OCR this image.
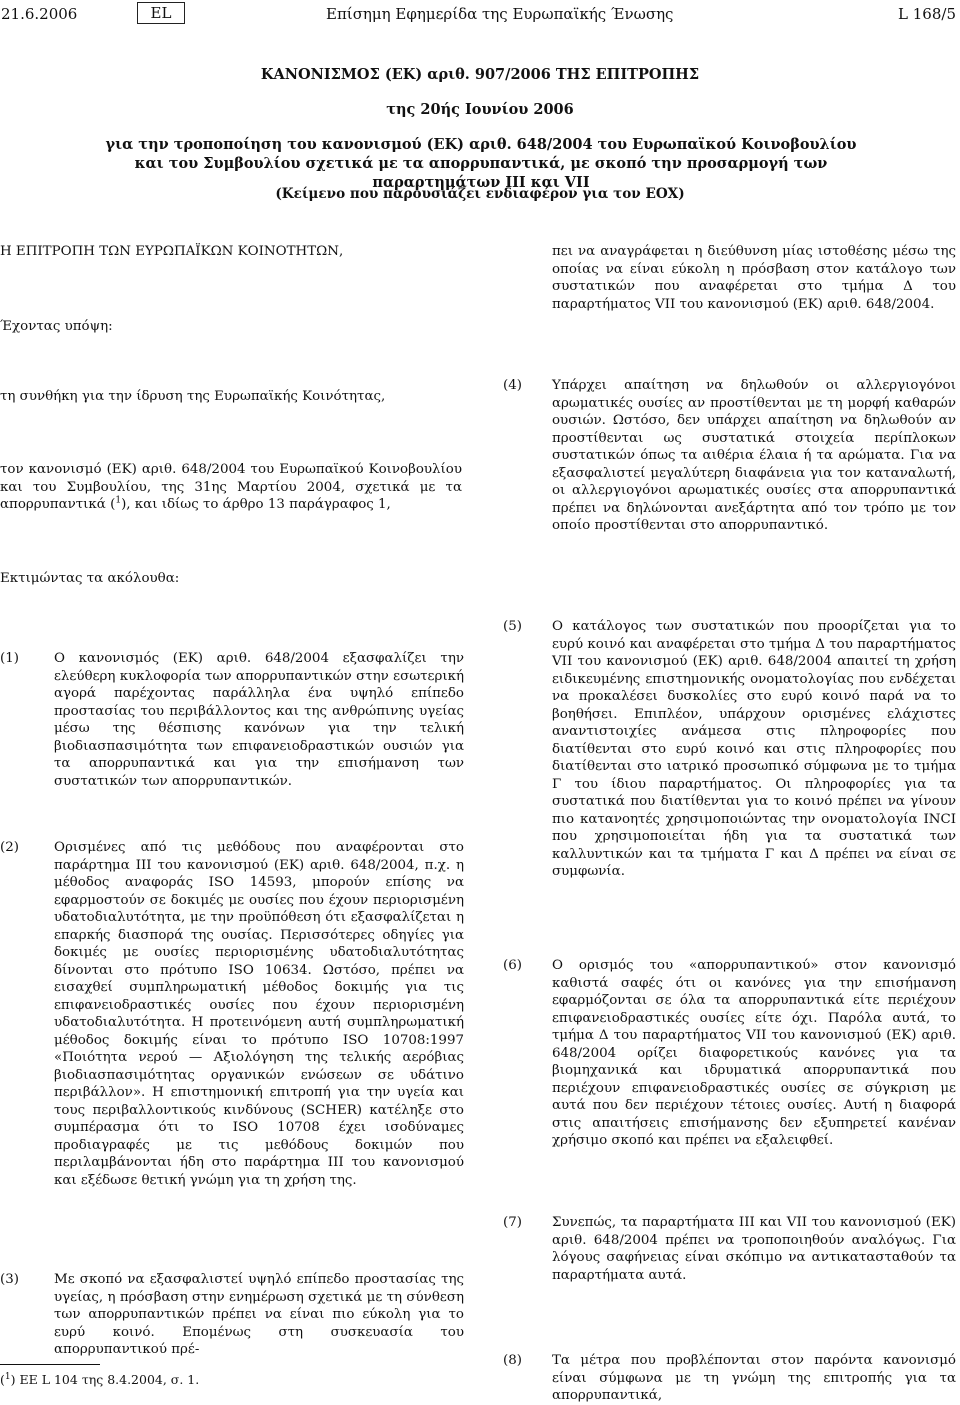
21.6.2006	EL	Επίσημη Εφημερίδα της Ευρωπαϊκής Ένωσης	L 168/5
ΚΑΝΟΝΙΣΜΟΣ (ΕΚ) αριθ. 907/2006 ΤΗΣ ΕΠΙΤΡΟΠΗΣ
της 20ής Ιουνίου 2006
για την τροποποίηση του κανονισμού (ΕΚ) αριθ. 648/2004 του Ευρωπαϊκού Κοινοβουλίου και του Συμβουλίου σχετικά με τα απορρυπαντικά, με σκοπό την προσαρμογή των παραρτημάτων III και VII
(Κείμενο που παρουσιάζει ενδιαφέρον για τον ΕΟΧ)
Η ΕΠΙΤΡΟΠΗ ΤΩΝ ΕΥΡΩΠΑΪΚΩΝ ΚΟΙΝΟΤΗΤΩΝ,
Έχοντας υπόψη:
τη συνθήκη για την ίδρυση της Ευρωπαϊκής Κοινότητας,
τον κανονισμό (ΕΚ) αριθ. 648/2004 του Ευρωπαϊκού Κοινοβουλίου και του Συμβουλίου, της 31ης Μαρτίου 2004, σχετικά με τα απορρυπαντικά ($^1$), και ιδίως το άρθρο 13 παράγραφος 1,
Εκτιμώντας τα ακόλουθα:
(1)	Ο κανονισμός (ΕΚ) αριθ. 648/2004 εξασφαλίζει την ελεύθερη κυκλοφορία των απορρυπαντικών στην εσωτερική αγορά παρέχοντας παράλληλα ένα υψηλό επίπεδο προστασίας του περιβάλλοντος και της ανθρώπινης υγείας μέσω της θέσπισης κανόνων για την τελική βιοδιασπασιμότητα των επιφανειοδραστικών ουσιών για τα απορρυπαντικά και για την επισήμανση των συστατικών των απορρυπαντικών.
(2)	Ορισμένες από τις μεθόδους που αναφέρονται στο παράρτημα III του κανονισμού (ΕΚ) αριθ. 648/2004, π.χ. η μέθοδος αναφοράς ISO 14593, μπορούν επίσης να εφαρμοστούν σε δοκιμές με ουσίες που έχουν περιορισμένη υδατοδιαλυτότητα, με την προϋπόθεση ότι εξασφαλίζεται η επαρκής διασπορά της ουσίας. Περισσότερες οδηγίες για δοκιμές με ουσίες περιορισμένης υδατοδιαλυτότητας δίνονται στο πρότυπο ISO 10634. Ωστόσο, πρέπει να εισαχθεί συμπληρωματική μέθοδος δοκιμής για τις επιφανειοδραστικές ουσίες που έχουν περιορισμένη υδατοδιαλυτότητα. Η προτεινόμενη αυτή συμπληρωματική μέθοδος δοκιμής είναι το πρότυπο ISO 10708:1997 «Ποιότητα νερού — Αξιολόγηση της τελικής αερόβιας βιοδιασπασιμότητας οργανικών ενώσεων σε υδάτινο περιβάλλον». Η επιστημονική επιτροπή για την υγεία και τους περιβαλλοντικούς κινδύνους (SCHER) κατέληξε στο συμπέρασμα ότι το ISO 10708 έχει ισοδύναμες προδιαγραφές με τις μεθόδους δοκιμών που περιλαμβάνονται ήδη στο παράρτημα III του κανονισμού και εξέδωσε θετική γνώμη για τη χρήση της.
(3)	Με σκοπό να εξασφαλιστεί υψηλό επίπεδο προστασίας της υγείας, η πρόσβαση στην ενημέρωση σχετικά με τη σύνθεση των απορρυπαντικών πρέπει να είναι πιο εύκολη για το ευρύ κοινό. Επομένως στη συσκευασία του απορρυπαντικού πρέ-
($^1$) ΕΕ L 104 της 8.4.2004, σ. 1.
πει να αναγράφεται η διεύθυνση μίας ιστοθέσης μέσω της οποίας να είναι εύκολη η πρόσβαση στον κατάλογο των συστατικών που αναφέρεται στο τμήμα Δ του παραρτήματος VII του κανονισμού (ΕΚ) αριθ. 648/2004.
(4) Υπάρχει απαίτηση να δηλωθούν οι αλλεργιογόνοι αρωματικές ουσίες αν προστίθενται με τη μορφή καθαρών ουσιών. Ωστόσο, δεν υπάρχει απαίτηση να δηλωθούν αν προστίθενται ως συστατικά στοιχεία περίπλοκων συστατικών όπως τα αιθέρια έλαια ή τα αρώματα. Για να εξασφαλιστεί μεγαλύτερη διαφάνεια για τον καταναλωτή, οι αλλεργιογόνοι αρωματικές ουσίες στα απορρυπαντικά πρέπει να δηλώνονται ανεξάρτητα από τον τρόπο με τον οποίο προστίθενται στο απορρυπαντικό.
(5) Ο κατάλογος των συστατικών που προορίζεται για το ευρύ κοινό και αναφέρεται στο τμήμα Δ του παραρτήματος VII του κανονισμού (ΕΚ) αριθ. 648/2004 απαιτεί τη χρήση ειδικευμένης επιστημονικής ονοματολογίας που ενδέχεται να προκαλέσει δυσκολίες στο ευρύ κοινό παρά να το βοηθήσει. Επιπλέον, υπάρχουν ορισμένες ελάχιστες αναντιστοιχίες ανάμεσα στις πληροφορίες που διατίθενται στο ευρύ κοινό και στις πληροφορίες που διατίθενται στο ιατρικό προσωπικό σύμφωνα με το τμήμα Γ του ίδιου παραρτήματος. Οι πληροφορίες για τα συστατικά που διατίθενται για το κοινό πρέπει να γίνουν πιο κατανοητές χρησιμοποιώντας την ονοματολογία INCI που χρησιμοποιείται ήδη για τα συστατικά των καλλυντικών και τα τμήματα Γ και Δ πρέπει να είναι σε συμφωνία.
(6) Ο ορισμός του «απορρυπαντικού» στον κανονισμό καθιστά σαφές ότι οι κανόνες για την επισήμανση εφαρμόζονται σε όλα τα απορρυπαντικά είτε περιέχουν επιφανειοδραστικές ουσίες είτε όχι. Παρόλα αυτά, το τμήμα Δ του παραρτήματος VII του κανονισμού (ΕΚ) αριθ. 648/2004 ορίζει διαφορετικούς κανόνες για τα βιομηχανικά και ιδρυματικά απορρυπαντικά που περιέχουν επιφανειοδραστικές ουσίες σε σύγκριση με αυτά που δεν περιέχουν τέτοιες ουσίες. Αυτή η διαφορά στις απαιτήσεις επισήμανσης δεν εξυπηρετεί κανέναν χρήσιμο σκοπό και πρέπει να εξαλειφθεί.
(7) Συνεπώς, τα παραρτήματα III και VII του κανονισμού (ΕΚ) αριθ. 648/2004 πρέπει να τροποποιηθούν αναλόγως. Για λόγους σαφήνειας είναι σκόπιμο να αντικατασταθούν τα παραρτήματα αυτά.
(8) Τα μέτρα που προβλέπονται στον παρόντα κανονισμό είναι σύμφωνα με τη γνώμη της επιτροπής για τα απορρυπαντικά,
